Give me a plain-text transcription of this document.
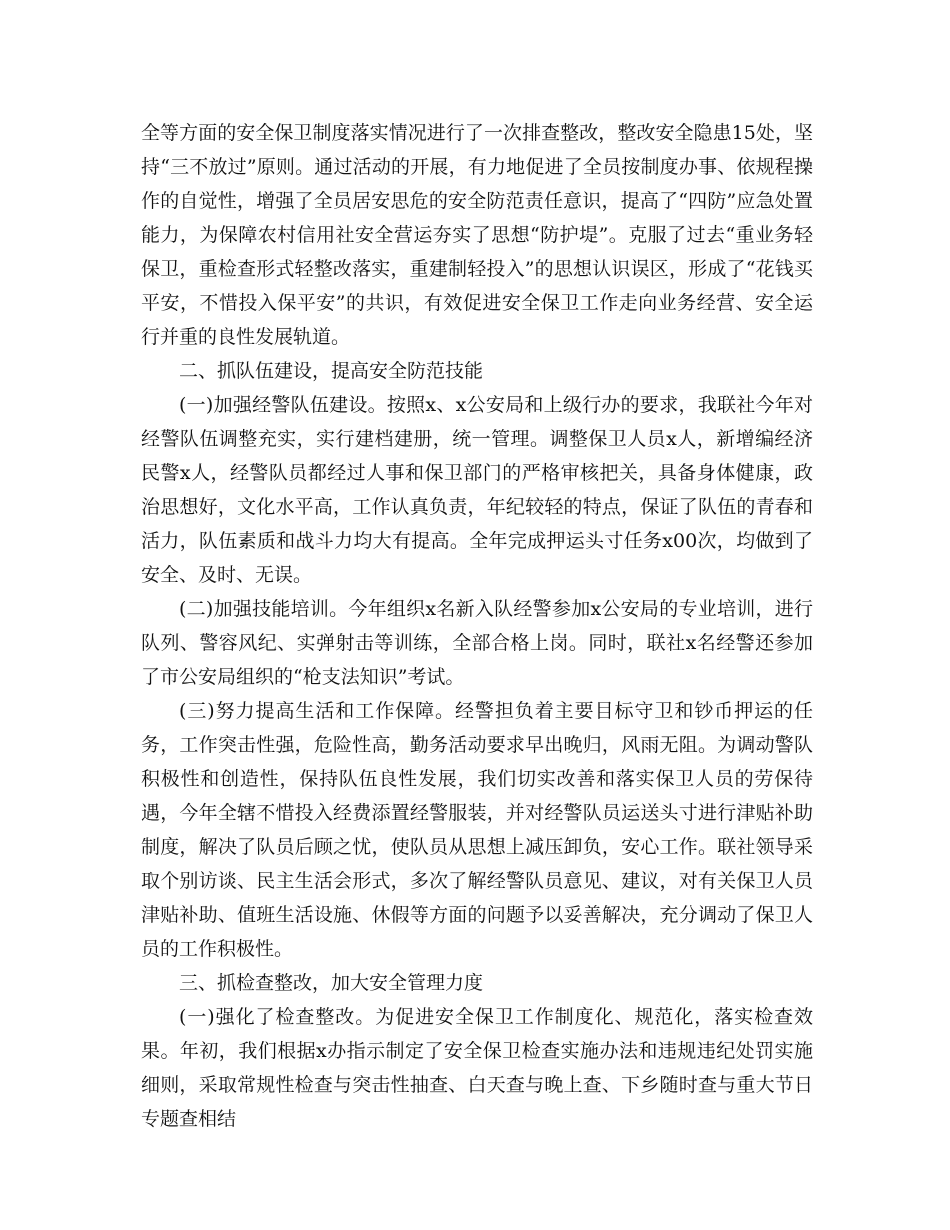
全等方面的安全保卫制度落实情况进行了一次排查整改，整改安全隐患15处，坚持“三不放过”原则。通过活动的开展，有力地促进了全员按制度办事、依规程操作的自觉性，增强了全员居安思危的安全防范责任意识，提高了“四防”应急处置能力，为保障农村信用社安全营运夯实了思想“防护堤”。克服了过去“重业务轻保卫，重检查形式轻整改落实，重建制轻投入”的思想认识误区，形成了“花钱买平安，不惜投入保平安”的共识，有效促进安全保卫工作走向业务经营、安全运行并重的良性发展轨道。

二、抓队伍建设，提高安全防范技能

(一)加强经警队伍建设。按照x、x公安局和上级行办的要求，我联社今年对经警队伍调整充实，实行建档建册，统一管理。调整保卫人员x人，新增编经济民警x人，经警队员都经过人事和保卫部门的严格审核把关，具备身体健康，政治思想好，文化水平高，工作认真负责，年纪较轻的特点，保证了队伍的青春和活力，队伍素质和战斗力均大有提高。全年完成押运头寸任务x00次，均做到了安全、及时、无误。

(二)加强技能培训。今年组织x名新入队经警参加x公安局的专业培训，进行队列、警容风纪、实弹射击等训练，全部合格上岗。同时，联社x名经警还参加了市公安局组织的“枪支法知识”考试。

(三)努力提高生活和工作保障。经警担负着主要目标守卫和钞币押运的任务，工作突击性强，危险性高，勤务活动要求早出晚归，风雨无阻。为调动警队积极性和创造性，保持队伍良性发展，我们切实改善和落实保卫人员的劳保待遇，今年全辖不惜投入经费添置经警服装，并对经警队员运送头寸进行津贴补助制度，解决了队员后顾之忧，使队员从思想上减压卸负，安心工作。联社领导采取个别访谈、民主生活会形式，多次了解经警队员意见、建议，对有关保卫人员津贴补助、值班生活设施、休假等方面的问题予以妥善解决，充分调动了保卫人员的工作积极性。

三、抓检查整改，加大安全管理力度

(一)强化了检查整改。为促进安全保卫工作制度化、规范化，落实检查效果。年初，我们根据x办指示制定了安全保卫检查实施办法和违规违纪处罚实施细则，采取常规性检查与突击性抽查、白天查与晚上查、下乡随时查与重大节日专题查相结
